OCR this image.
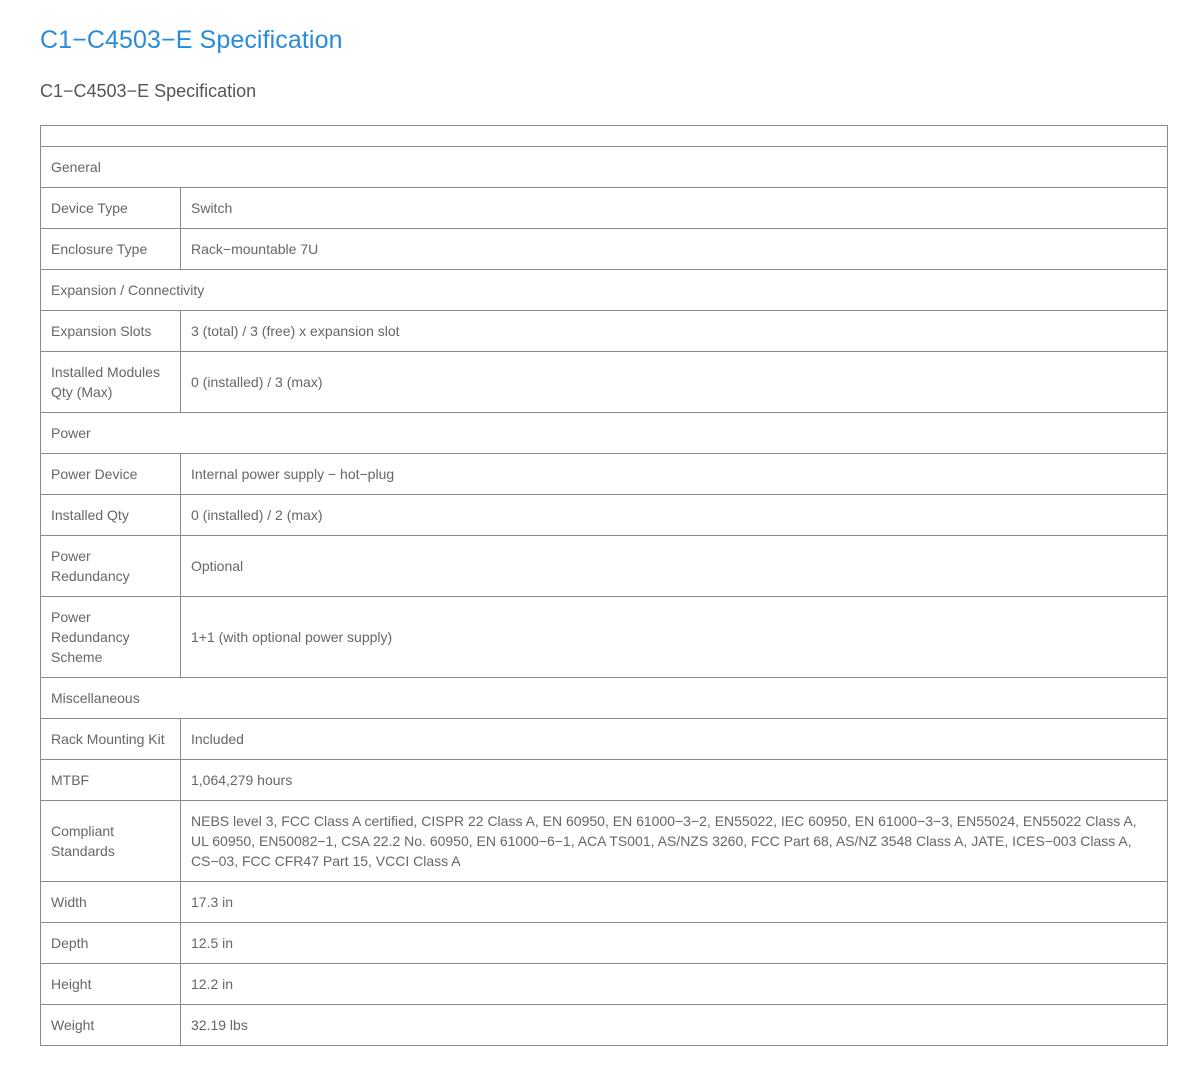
C1−C4503−E Specification
C1−C4503−E Specification

General	
Device Type	Switch
Enclosure Type	Rack−mountable 7U
Expansion / Connectivity	
Expansion Slots	3 (total) / 3 (free) x expansion slot
Installed Modules Qty (Max)	0 (installed) / 3 (max)
Power	
Power Device	Internal power supply − hot−plug
Installed Qty	0 (installed) / 2 (max)
Power Redundancy	Optional
Power Redundancy Scheme	1+1 (with optional power supply)
Miscellaneous	
Rack Mounting Kit	Included
MTBF	1,064,279 hours
Compliant Standards	NEBS level 3, FCC Class A certified, CISPR 22 Class A, EN 60950, EN 61000−3−2, EN55022, IEC 60950, EN 61000−3−3, EN55024, EN55022 Class A, UL 60950, EN50082−1, CSA 22.2 No. 60950, EN 61000−6−1, ACA TS001, AS/NZS 3260, FCC Part 68, AS/NZ 3548 Class A, JATE, ICES−003 Class A, CS−03, FCC CFR47 Part 15, VCCI Class A
Width	17.3 in
Depth	12.5 in
Height	12.2 in
Weight	32.19 lbs
